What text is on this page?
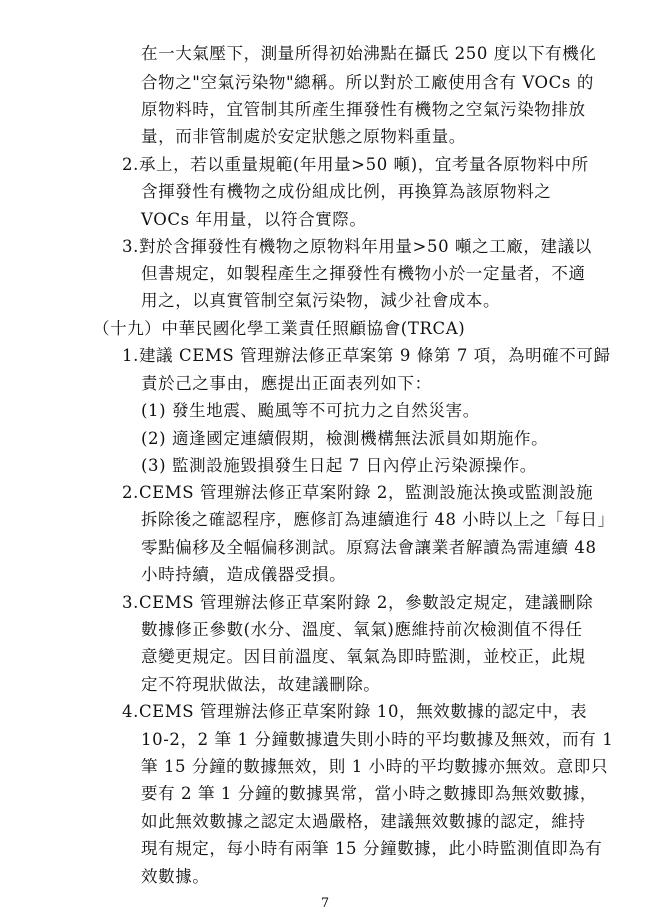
在一大氣壓下，測量所得初始沸點在攝氏 250 度以下有機化
合物之"空氣污染物"總稱。所以對於工廠使用含有 VOCs 的
原物料時，宜管制其所產生揮發性有機物之空氣污染物排放
量，而非管制處於安定狀態之原物料重量。
2.承上，若以重量規範(年用量>50 噸)，宜考量各原物料中所
含揮發性有機物之成份組成比例，再換算為該原物料之
VOCs 年用量，以符合實際。
3.對於含揮發性有機物之原物料年用量>50 噸之工廠，建議以
但書規定，如製程產生之揮發性有機物小於一定量者，不適
用之，以真實管制空氣污染物，減少社會成本。
（十九）中華民國化學工業責任照顧協會(TRCA)
1.建議 CEMS 管理辦法修正草案第 9 條第 7 項，為明確不可歸
責於己之事由，應提出正面表列如下：
(1) 發生地震、颱風等不可抗力之自然災害。
(2) 適逢國定連續假期，檢測機構無法派員如期施作。
(3) 監測設施毀損發生日起 7 日內停止污染源操作。
2.CEMS 管理辦法修正草案附錄 2，監測設施汰換或監測設施
拆除後之確認程序，應修訂為連續進行 48 小時以上之「每日」
零點偏移及全幅偏移測試。原寫法會讓業者解讀為需連續 48
小時持續，造成儀器受損。
3.CEMS 管理辦法修正草案附錄 2，參數設定規定，建議刪除
數據修正參數(水分、溫度、氧氣)應維持前次檢測值不得任
意變更規定。因目前溫度、氧氣為即時監測，並校正，此規
定不符現狀做法，故建議刪除。
4.CEMS 管理辦法修正草案附錄 10，無效數據的認定中，表
10-2，2 筆 1 分鐘數據遺失則小時的平均數據及無效，而有 1
筆 15 分鐘的數據無效，則 1 小時的平均數據亦無效。意即只
要有 2 筆 1 分鐘的數據異常，當小時之數據即為無效數據，
如此無效數據之認定太過嚴格，建議無效數據的認定，維持
現有規定，每小時有兩筆 15 分鐘數據，此小時監測值即為有
效數據。
7
